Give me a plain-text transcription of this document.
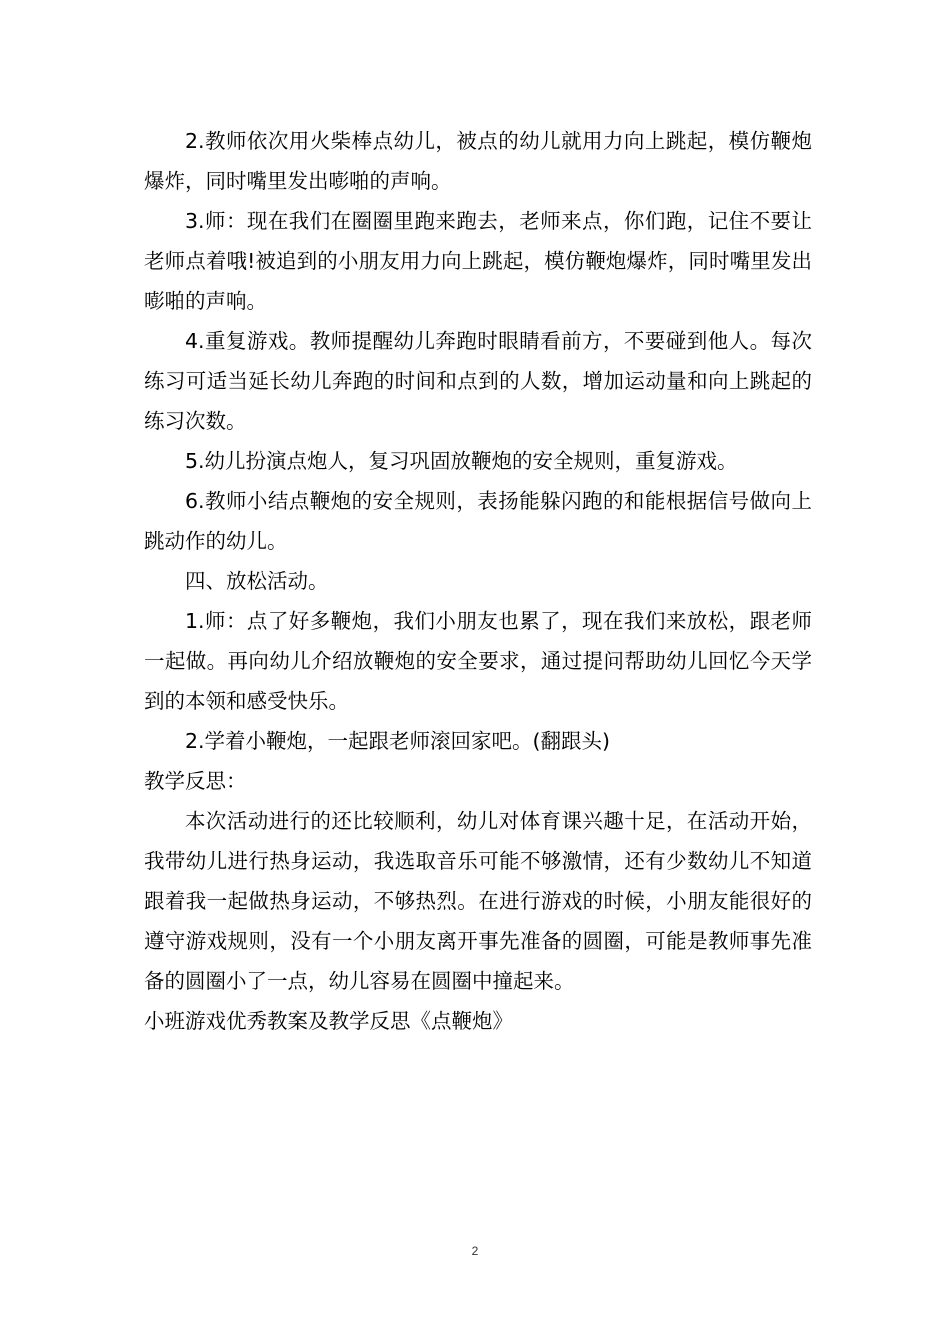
2.教师依次用火柴棒点幼儿，被点的幼儿就用力向上跳起，模仿鞭炮爆炸，同时嘴里发出嘭啪的声响。

3.师：现在我们在圈圈里跑来跑去，老师来点，你们跑，记住不要让老师点着哦!被追到的小朋友用力向上跳起，模仿鞭炮爆炸，同时嘴里发出嘭啪的声响。

4.重复游戏。教师提醒幼儿奔跑时眼睛看前方，不要碰到他人。每次练习可适当延长幼儿奔跑的时间和点到的人数，增加运动量和向上跳起的练习次数。

5.幼儿扮演点炮人，复习巩固放鞭炮的安全规则，重复游戏。

6.教师小结点鞭炮的安全规则，表扬能躲闪跑的和能根据信号做向上跳动作的幼儿。

四、放松活动。

1.师：点了好多鞭炮，我们小朋友也累了，现在我们来放松，跟老师一起做。再向幼儿介绍放鞭炮的安全要求，通过提问帮助幼儿回忆今天学到的本领和感受快乐。

2.学着小鞭炮，一起跟老师滚回家吧。(翻跟头)

教学反思：

本次活动进行的还比较顺利，幼儿对体育课兴趣十足，在活动开始，我带幼儿进行热身运动，我选取音乐可能不够激情，还有少数幼儿不知道跟着我一起做热身运动，不够热烈。在进行游戏的时候，小朋友能很好的遵守游戏规则，没有一个小朋友离开事先准备的圆圈，可能是教师事先准备的圆圈小了一点，幼儿容易在圆圈中撞起来。

小班游戏优秀教案及教学反思《点鞭炮》

2
